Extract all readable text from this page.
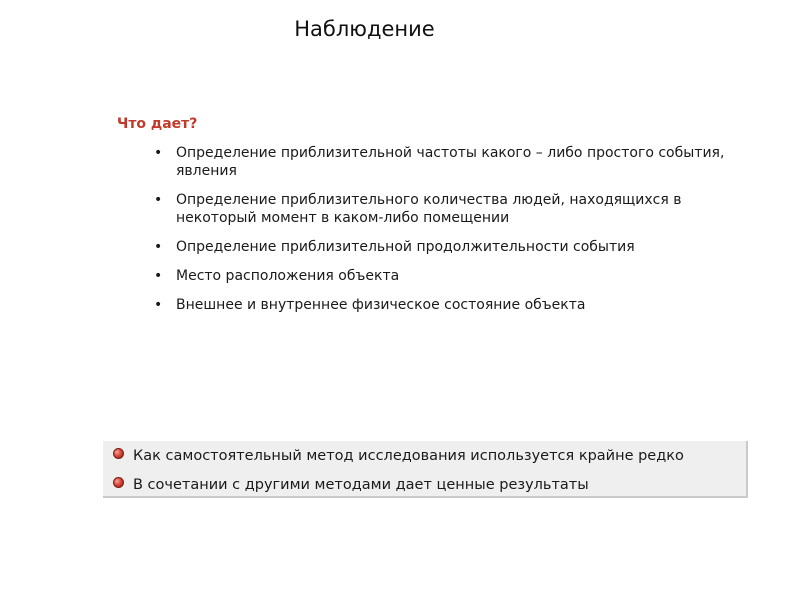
Наблюдение
Что дает?
• Определение приблизительной частоты какого – либо простого события, явления
• Определение приблизительного количества людей, находящихся в некоторый момент в каком-либо помещении
• Определение приблизительной продолжительности события
• Место расположения объекта
• Внешнее и внутреннее физическое состояние объекта
Как самостоятельный метод исследования используется крайне редко
В сочетании с другими методами дает ценные результаты
